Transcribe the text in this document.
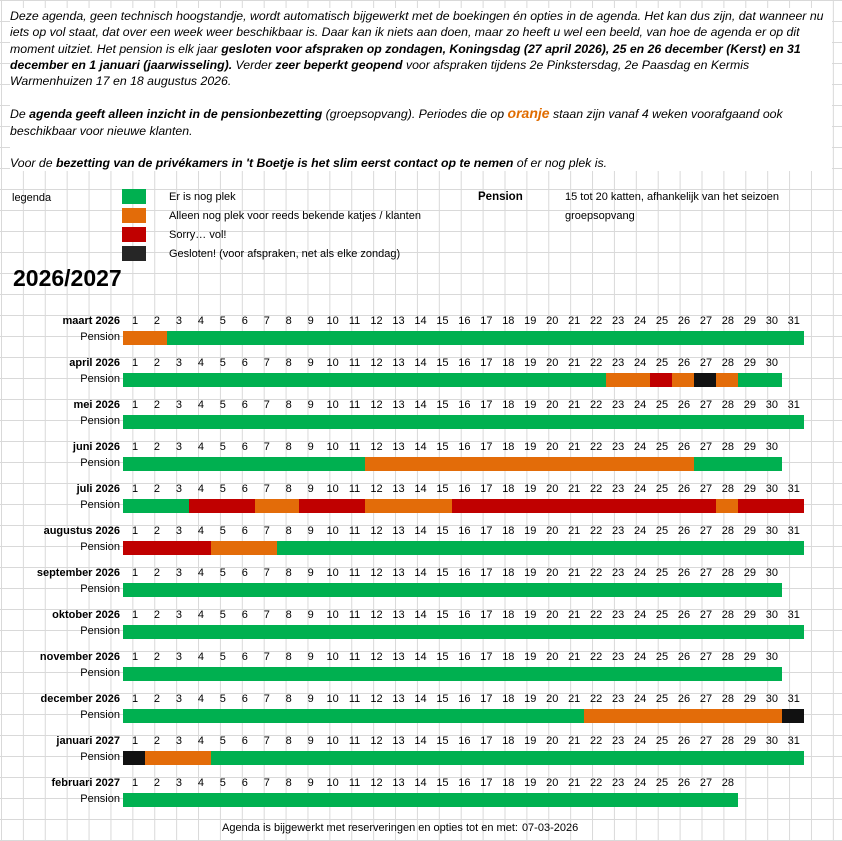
Deze agenda, geen technisch hoogstandje, wordt automatisch bijgewerkt met de boekingen én opties in de agenda. Het kan dus zijn, dat wanneer nu iets op vol staat, dat over een week weer beschikbaar is. Daar kan ik niets aan doen, maar zo heeft u wel een beeld, van hoe de agenda er op dit moment uitziet. Het pension is elk jaar gesloten voor afspraken op zondagen, Koningsdag (27 april 2026), 25 en 26 december (Kerst) en 31 december en 1 januari (jaarwisseling). Verder zeer beperkt geopend voor afspraken tijdens 2e Pinkstersdag, 2e Paasdag en Kermis Warmenhuizen 17 en 18 augustus 2026.

De agenda geeft alleen inzicht in de pensionbezetting (groepsopvang). Periodes die op oranje staan zijn vanaf 4 weken voorafgaand ook beschikbaar voor nieuwe klanten.

Voor de bezetting van de privékamers in 't Boetje is het slim eerst contact op te nemen of er nog plek is.

legenda	Er is nog plek
Alleen nog plek voor reeds bekende katjes / klanten
Sorry… vol!
Gesloten! (voor afspraken, net als elke zondag)
Pension	15 tot 20 katten, afhankelijk van het seizoen
groepsopvang
2026/2027
maart 2026
Pension
1	2	3	4	5	6	7	8	9	10 11 12 13 14 15 16 17 18 19 20 21 22 23 24 25 26 27 28 29 30 31
april 2026
Pension
1	2	3	4	5	6	7	8	9	10 11 12 13 14 15 16 17 18 19 20 21 22 23 24 25 26 27 28 29 30
mei 2026
Pension
1	2	3	4	5	6	7	8	9	10 11 12 13 14 15 16 17 18 19 20 21 22 23 24 25 26 27 28 29 30 31
juni 2026
Pension
1	2	3	4	5	6	7	8	9	10 11 12 13 14 15 16 17 18 19 20 21 22 23 24 25 26 27 28 29 30
juli 2026
Pension
1	2	3	4	5	6	7	8	9	10 11 12 13 14 15 16 17 18 19 20 21 22 23 24 25 26 27 28 29 30 31
augustus 2026
Pension
1	2	3	4	5	6	7	8	9	10 11 12 13 14 15 16 17 18 19 20 21 22 23 24 25 26 27 28 29 30 31
september 2026
Pension
1	2	3	4	5	6	7	8	9	10 11 12 13 14 15 16 17 18 19 20 21 22 23 24 25 26 27 28 29 30
oktober 2026
Pension
1	2	3	4	5	6	7	8	9	10 11 12 13 14 15 16 17 18 19 20 21 22 23 24 25 26 27 28 29 30 31
november 2026
Pension
1	2	3	4	5	6	7	8	9	10 11 12 13 14 15 16 17 18 19 20 21 22 23 24 25 26 27 28 29 30
december 2026
Pension
1	2	3	4	5	6	7	8	9	10 11 12 13 14 15 16 17 18 19 20 21 22 23 24 25 26 27 28 29 30 31
januari 2027
Pension
1	2	3	4	5	6	7	8	9	10 11 12 13 14 15 16 17 18 19 20 21 22 23 24 25 26 27 28 29 30 31
februari 2027
Pension
1	2	3	4	5	6	7	8	9	10 11 12 13 14 15 16 17 18 19 20 21 22 23 24 25 26 27 28
Agenda is bijgewerkt met reserveringen en opties tot en met: 07-03-2026
